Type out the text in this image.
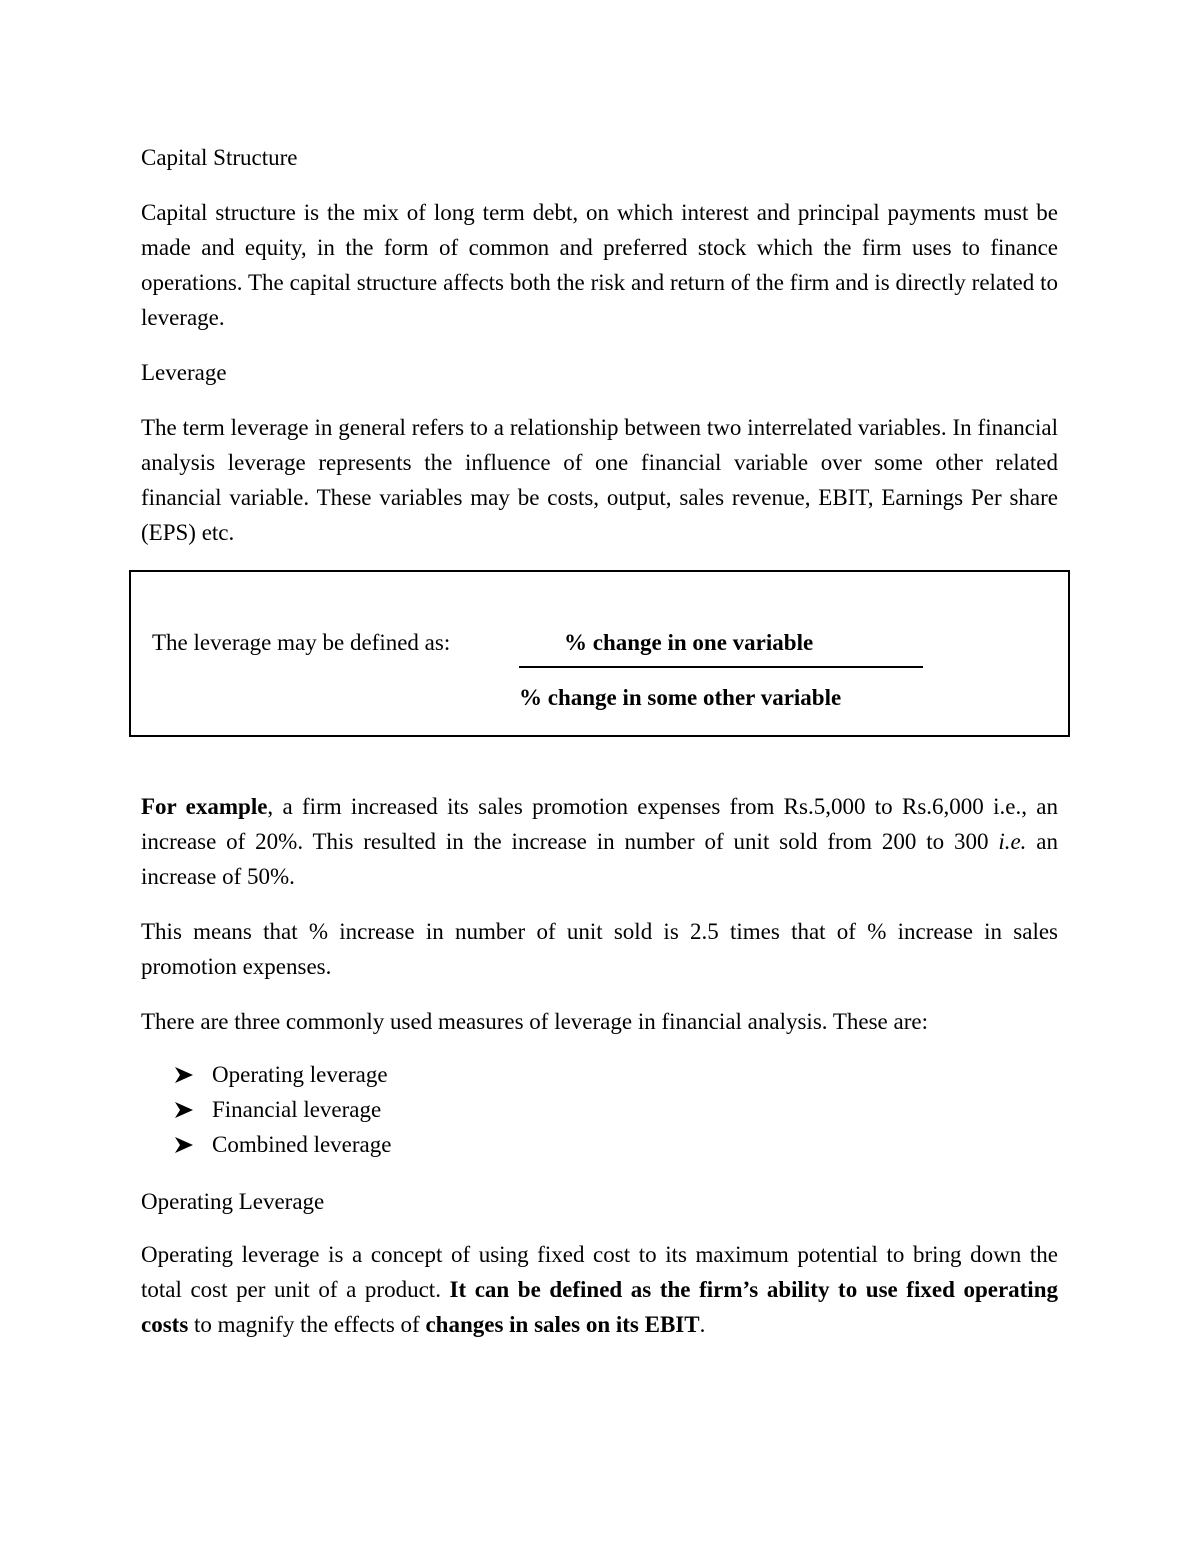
Capital Structure

Capital structure is the mix of long term debt, on which interest and principal payments must be made and equity, in the form of common and preferred stock which the firm uses to finance operations. The capital structure affects both the risk and return of the firm and is directly related to leverage.

Leverage

The term leverage in general refers to a relationship between two interrelated variables. In financial analysis leverage represents the influence of one financial variable over some other related financial variable. These variables may be costs, output, sales revenue, EBIT, Earnings Per share (EPS) etc.

The leverage may be defined as:	% change in one variable
% change in some other variable

For example, a firm increased its sales promotion expenses from Rs.5,000 to Rs.6,000 i.e., an increase of 20%. This resulted in the increase in number of unit sold from 200 to 300 i.e. an increase of 50%.

This means that % increase in number of unit sold is 2.5 times that of % increase in sales promotion expenses.

There are three commonly used measures of leverage in financial analysis. These are:

Operating leverage
Financial leverage
Combined leverage
Operating Leverage

Operating leverage is a concept of using fixed cost to its maximum potential to bring down the total cost per unit of a product. It can be defined as the firm’s ability to use fixed operating costs to magnify the effects of changes in sales on its EBIT.
